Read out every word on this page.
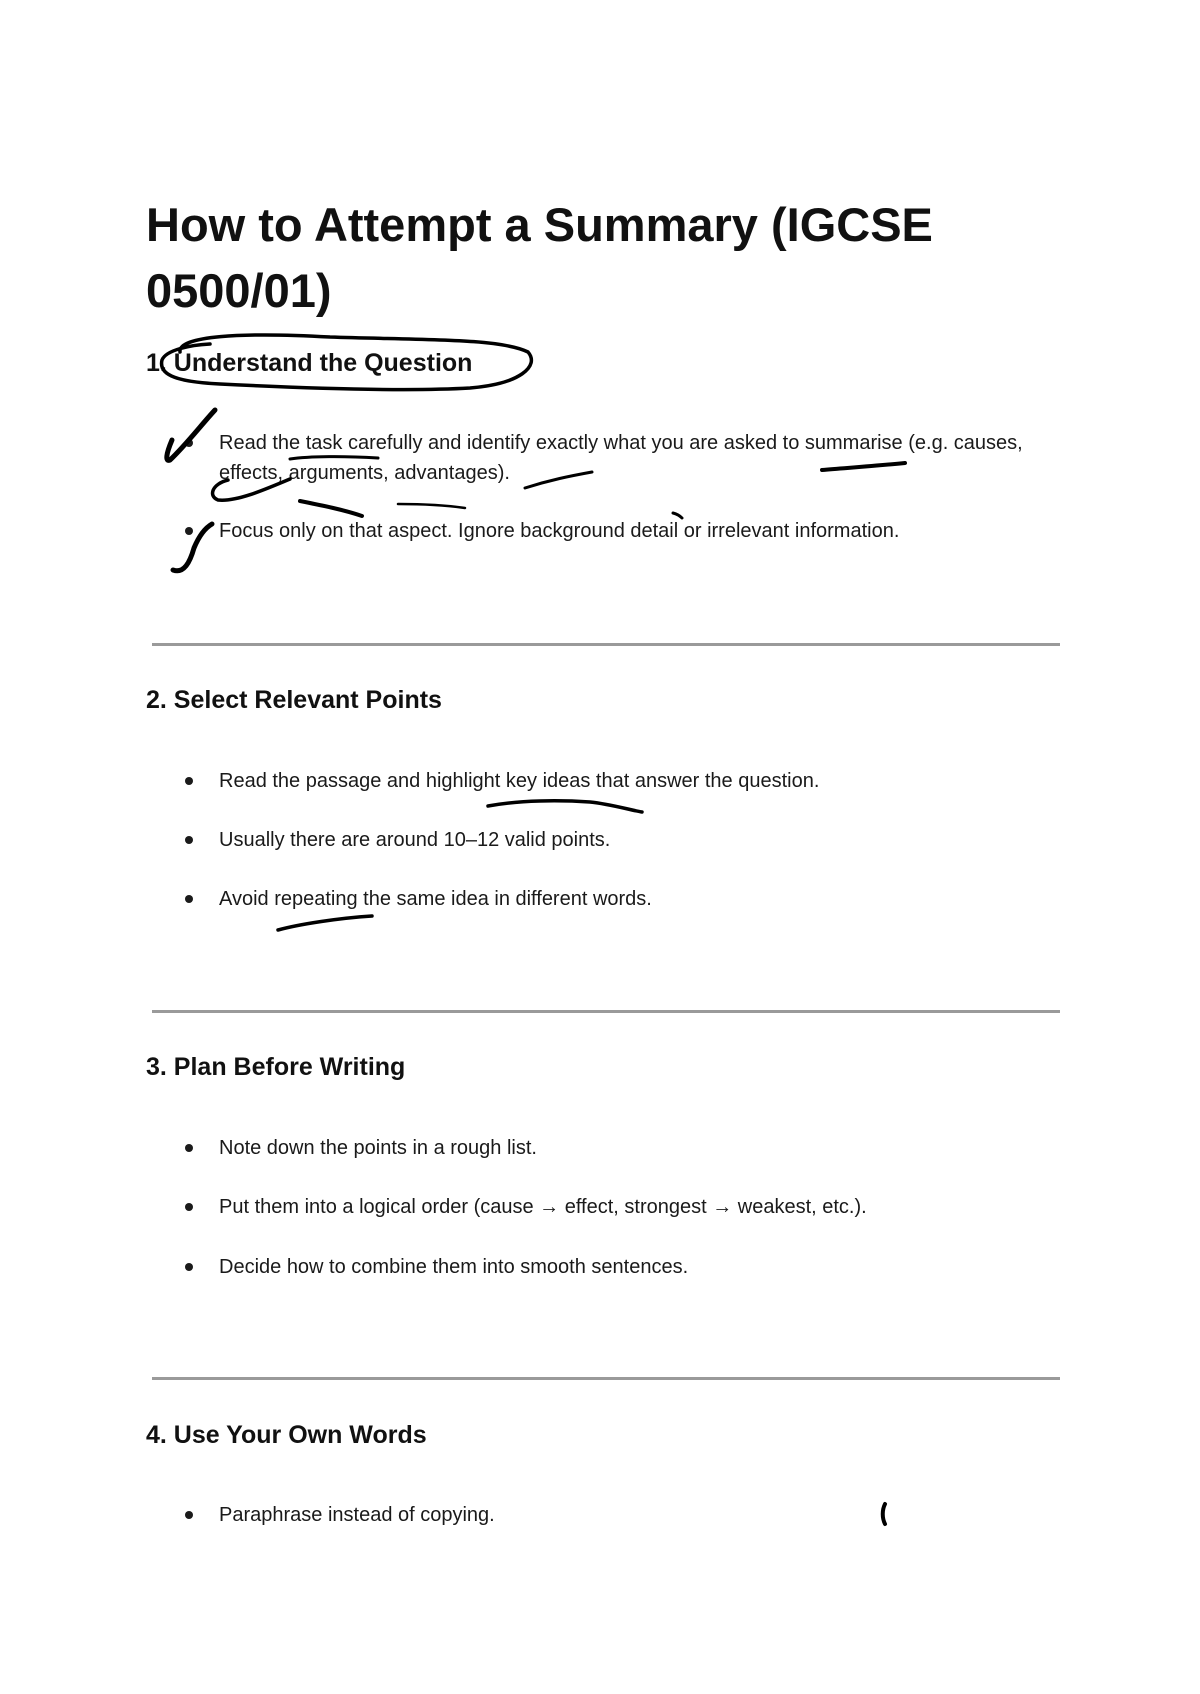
How to Attempt a Summary (IGCSE 0500/01)
1. Understand the Question
Read the task carefully and identify exactly what you are asked to summarise (e.g. causes, effects, arguments, advantages).
Focus only on that aspect. Ignore background detail or irrelevant information.
2. Select Relevant Points
Read the passage and highlight key ideas that answer the question.
Usually there are around 10–12 valid points.
Avoid repeating the same idea in different words.
3. Plan Before Writing
Note down the points in a rough list.
Put them into a logical order (cause → effect, strongest → weakest, etc.).
Decide how to combine them into smooth sentences.
4. Use Your Own Words
Paraphrase instead of copying.
